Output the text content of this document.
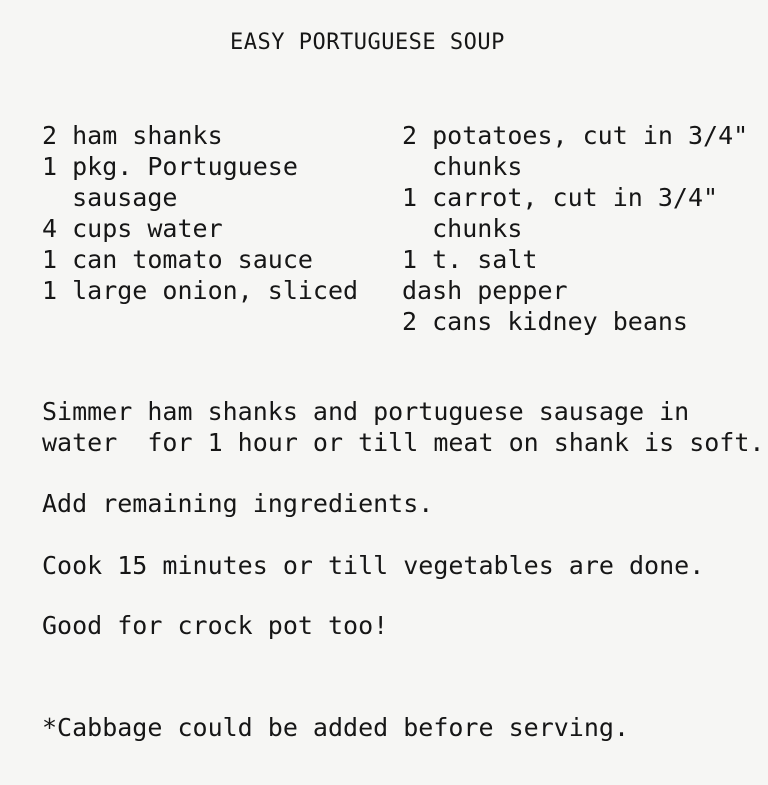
EASY PORTUGUESE SOUP
2 ham shanks
1 pkg. Portuguese
sausage
4 cups water
1 can tomato sauce
1 large onion, sliced
2 potatoes, cut in 3/4"
chunks
1 carrot, cut in 3/4"
chunks
1 t. salt
dash pepper
2 cans kidney beans

Simmer ham shanks and portuguese sausage in

water  for 1 hour or till meat on shank is soft.

Add remaining ingredients.

Cook 15 minutes or till vegetables are done.

Good for crock pot too!

*Cabbage could be added before serving.
